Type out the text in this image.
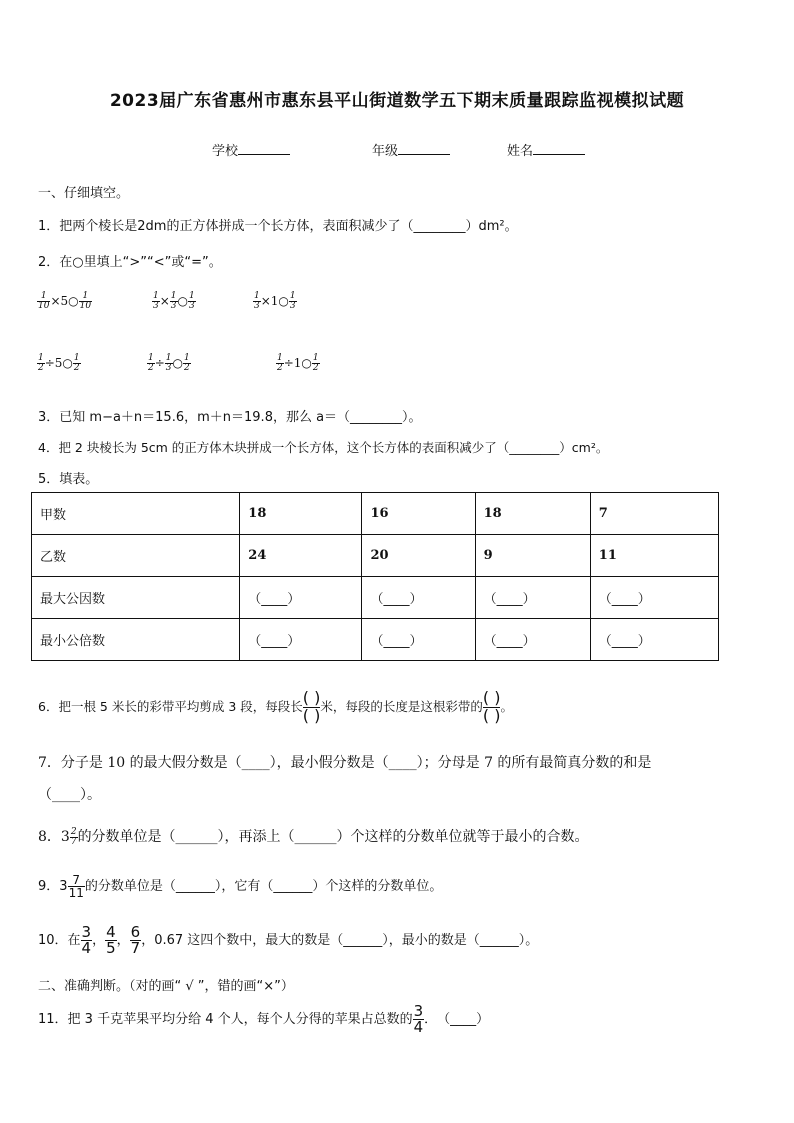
2023届广东省惠州市惠东县平山街道数学五下期末质量跟踪监视模拟试题
学校	年级	姓名
一、仔细填空。
1．把两个棱长是2dm的正方体拼成一个长方体，表面积减少了（________）dm²。
2．在○里填上“>”“<”或“=”。
$\frac{1}{10}$ ×5○ $\frac{1}{10}$	$\frac{1}{3} \times \frac{1}{3}$ ○ $\frac{1}{3}$	$\frac{1}{3}$ ×1○ $\frac{1}{3}$
$\frac{1}{2}$ ÷5○ $\frac{1}{2}$	$\frac{1}{2} \div \frac{1}{3}$ ○ $\frac{1}{2}$	$\frac{1}{2}$ ÷1○ $\frac{1}{2}$
3．已知 m−a＋n＝15.6，m＋n＝19.8，那么 a＝（________）。
4．把 2 块棱长为 5cm 的正方体木块拼成一个长方体，这个长方体的表面积减少了（________）cm²。
5．填表。
甲数	18	16	18	7
乙数	24	20	9	11
最大公因数	（____）	（____）	（____）	（____）
最小公倍数	（____）	（____）	（____）	（____）
6．把一根 5 米长的彩带平均剪成 3 段，每段长 $\frac{( )}{( )}$ 米，每段的长度是这根彩带的 $\frac{( )}{( )}$ 。
7．分子是 10 的最大假分数是（____），最小假分数是（____）；分母是 7 的所有最简真分数的和是
（____）。
8．$3 \frac{2}{7}$ 的分数单位是（______），再添上（______）个这样的分数单位就等于最小的合数。
9．$3 \frac{7}{11}$ 的分数单位是（______），它有（______）个这样的分数单位。
10．在 $\frac{3}{4}$ ， $\frac{4}{5}$ ， $\frac{6}{7}$ ，0.67 这四个数中，最大的数是（______），最小的数是（______）。
二、准确判断。（对的画“ √ ”，错的画“×”）
11．把 3 千克苹果平均分给 4 个人，每个人分得的苹果占总数的 $\frac{3}{4}$ ．　（____）
